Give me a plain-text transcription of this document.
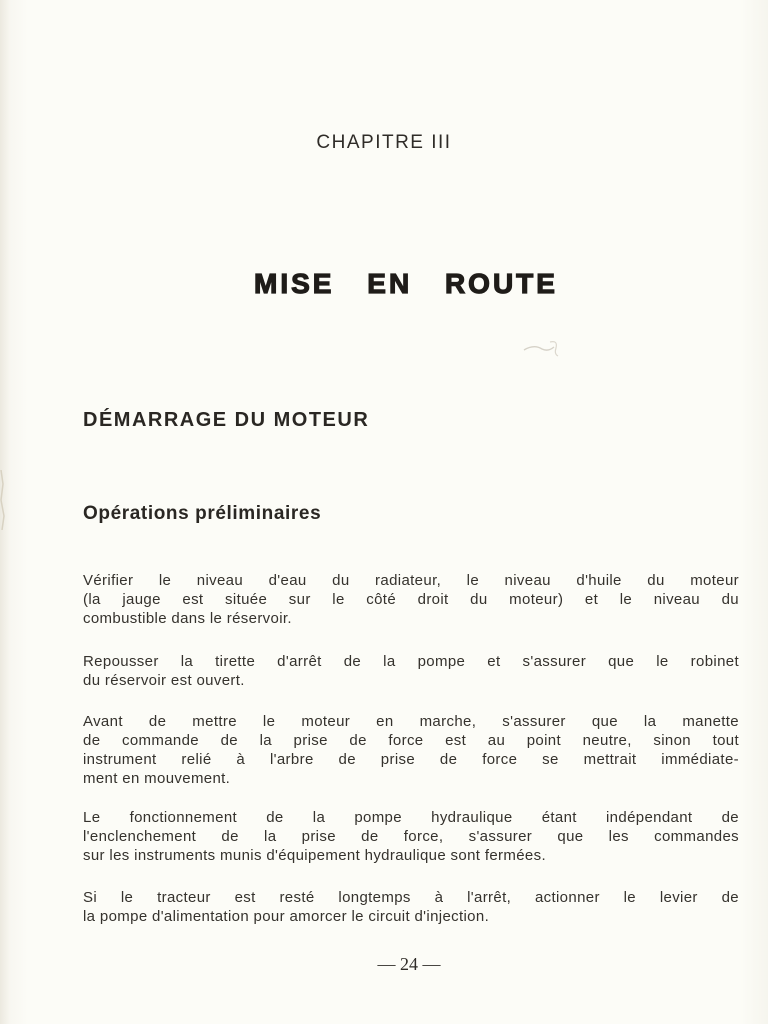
CHAPITRE III
MISE EN ROUTE
DÉMARRAGE DU MOTEUR
Opérations préliminaires
Vérifier le niveau d'eau du radiateur, le niveau d'huile du moteur
(la jauge est située sur le côté droit du moteur) et le niveau du
combustible dans le réservoir.
Repousser la tirette d'arrêt de la pompe et s'assurer que le robinet
du réservoir est ouvert.
Avant de mettre le moteur en marche, s'assurer que la manette
de commande de la prise de force est au point neutre, sinon tout
instrument relié à l'arbre de prise de force se mettrait immédiate-
ment en mouvement.
Le fonctionnement de la pompe hydraulique étant indépendant de
l'enclenchement de la prise de force, s'assurer que les commandes
sur les instruments munis d'équipement hydraulique sont fermées.
Si le tracteur est resté longtemps à l'arrêt, actionner le levier de
la pompe d'alimentation pour amorcer le circuit d'injection.
— 24 —
